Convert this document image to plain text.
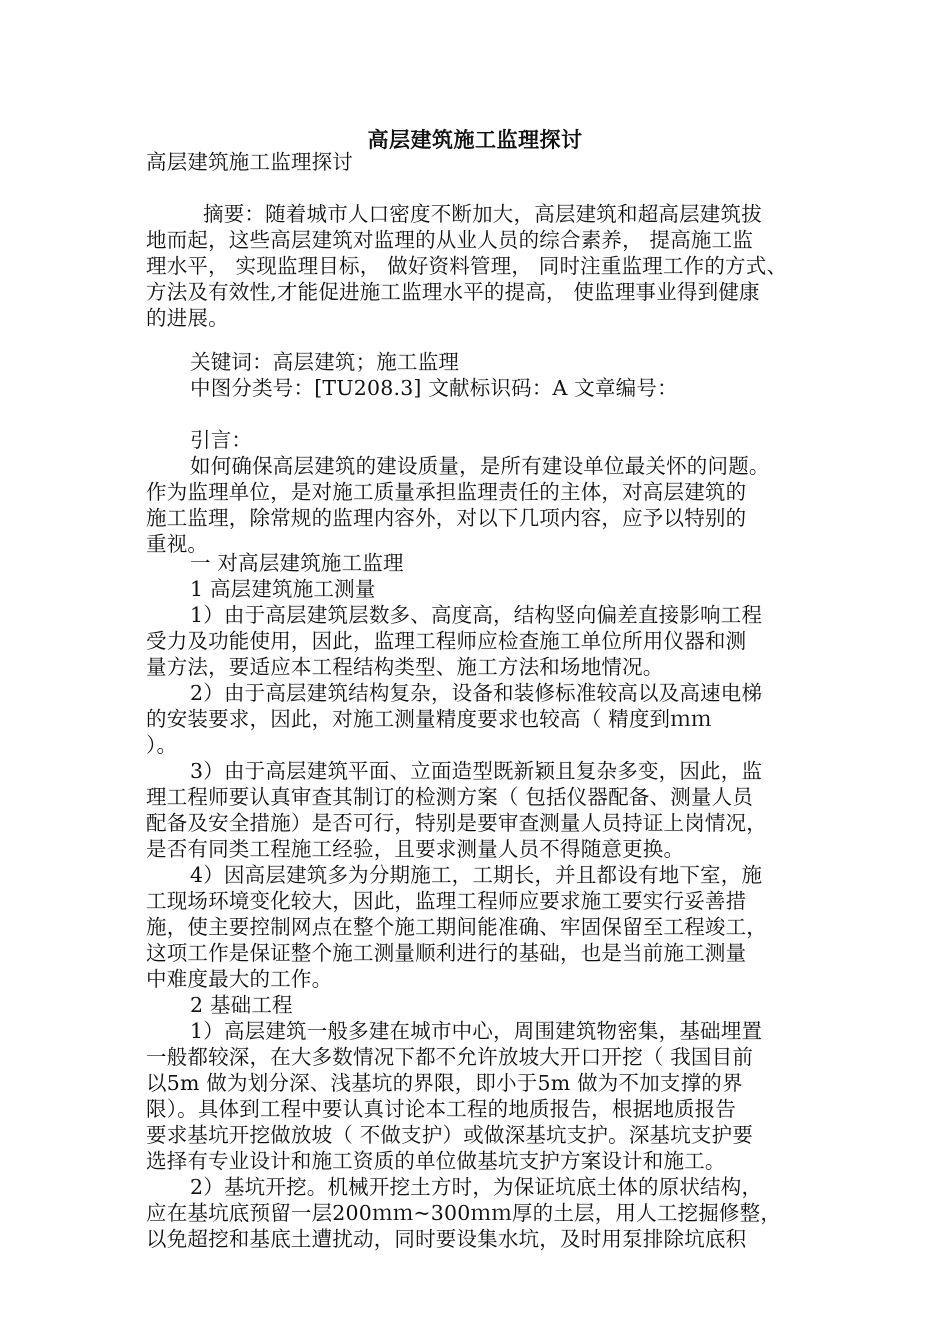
高层建筑施工监理探讨
高层建筑施工监理探讨
摘要：随着城市人口密度不断加大，高层建筑和超高层建筑拔
地而起，这些高层建筑对监理的从业人员的综合素养， 提高施工监
理水平， 实现监理目标， 做好资料管理， 同时注重监理工作的方式、
方法及有效性,才能促进施工监理水平的提高， 使监理事业得到健康
的进展。
关键词：高层建筑；施工监理
中图分类号：[TU208.3] 文献标识码：A 文章编号：
引言：
如何确保高层建筑的建设质量，是所有建设单位最关怀的问题。
作为监理单位，是对施工质量承担监理责任的主体，对高层建筑的
施工监理，除常规的监理内容外，对以下几项内容，应予以特别的
重视。
一 对高层建筑施工监理
1 高层建筑施工测量
1）由于高层建筑层数多、高度高，结构竖向偏差直接影响工程
受力及功能使用，因此，监理工程师应检查施工单位所用仪器和测
量方法，要适应本工程结构类型、施工方法和场地情况。
2）由于高层建筑结构复杂，设备和装修标准较高以及高速电梯
的安装要求，因此，对施工测量精度要求也较高（ 精度到ｍｍ
）。
3）由于高层建筑平面、立面造型既新颖且复杂多变，因此，监
理工程师要认真审查其制订的检测方案（ 包括仪器配备、测量人员
配备及安全措施）是否可行，特别是要审查测量人员持证上岗情况，
是否有同类工程施工经验，且要求测量人员不得随意更换。
4）因高层建筑多为分期施工，工期长，并且都设有地下室，施
工现场环境变化较大，因此，监理工程师应要求施工要实行妥善措
施，使主要控制网点在整个施工期间能准确、牢固保留至工程竣工，
这项工作是保证整个施工测量顺利进行的基础，也是当前施工测量
中难度最大的工作。
2 基础工程
1）高层建筑一般多建在城市中心，周围建筑物密集，基础埋置
一般都较深，在大多数情况下都不允许放坡大开口开挖（ 我国目前
以5m 做为划分深、浅基坑的界限，即小于5m 做为不加支撑的界
限）。具体到工程中要认真讨论本工程的地质报告，根据地质报告
要求基坑开挖做放坡（ 不做支护）或做深基坑支护。深基坑支护要
选择有专业设计和施工资质的单位做基坑支护方案设计和施工。
2）基坑开挖。机械开挖土方时，为保证坑底土体的原状结构，
应在基坑底预留一层200ｍｍ~300ｍｍ厚的土层，用人工挖掘修整，
以免超挖和基底土遭扰动，同时要设集水坑，及时用泵排除坑底积
